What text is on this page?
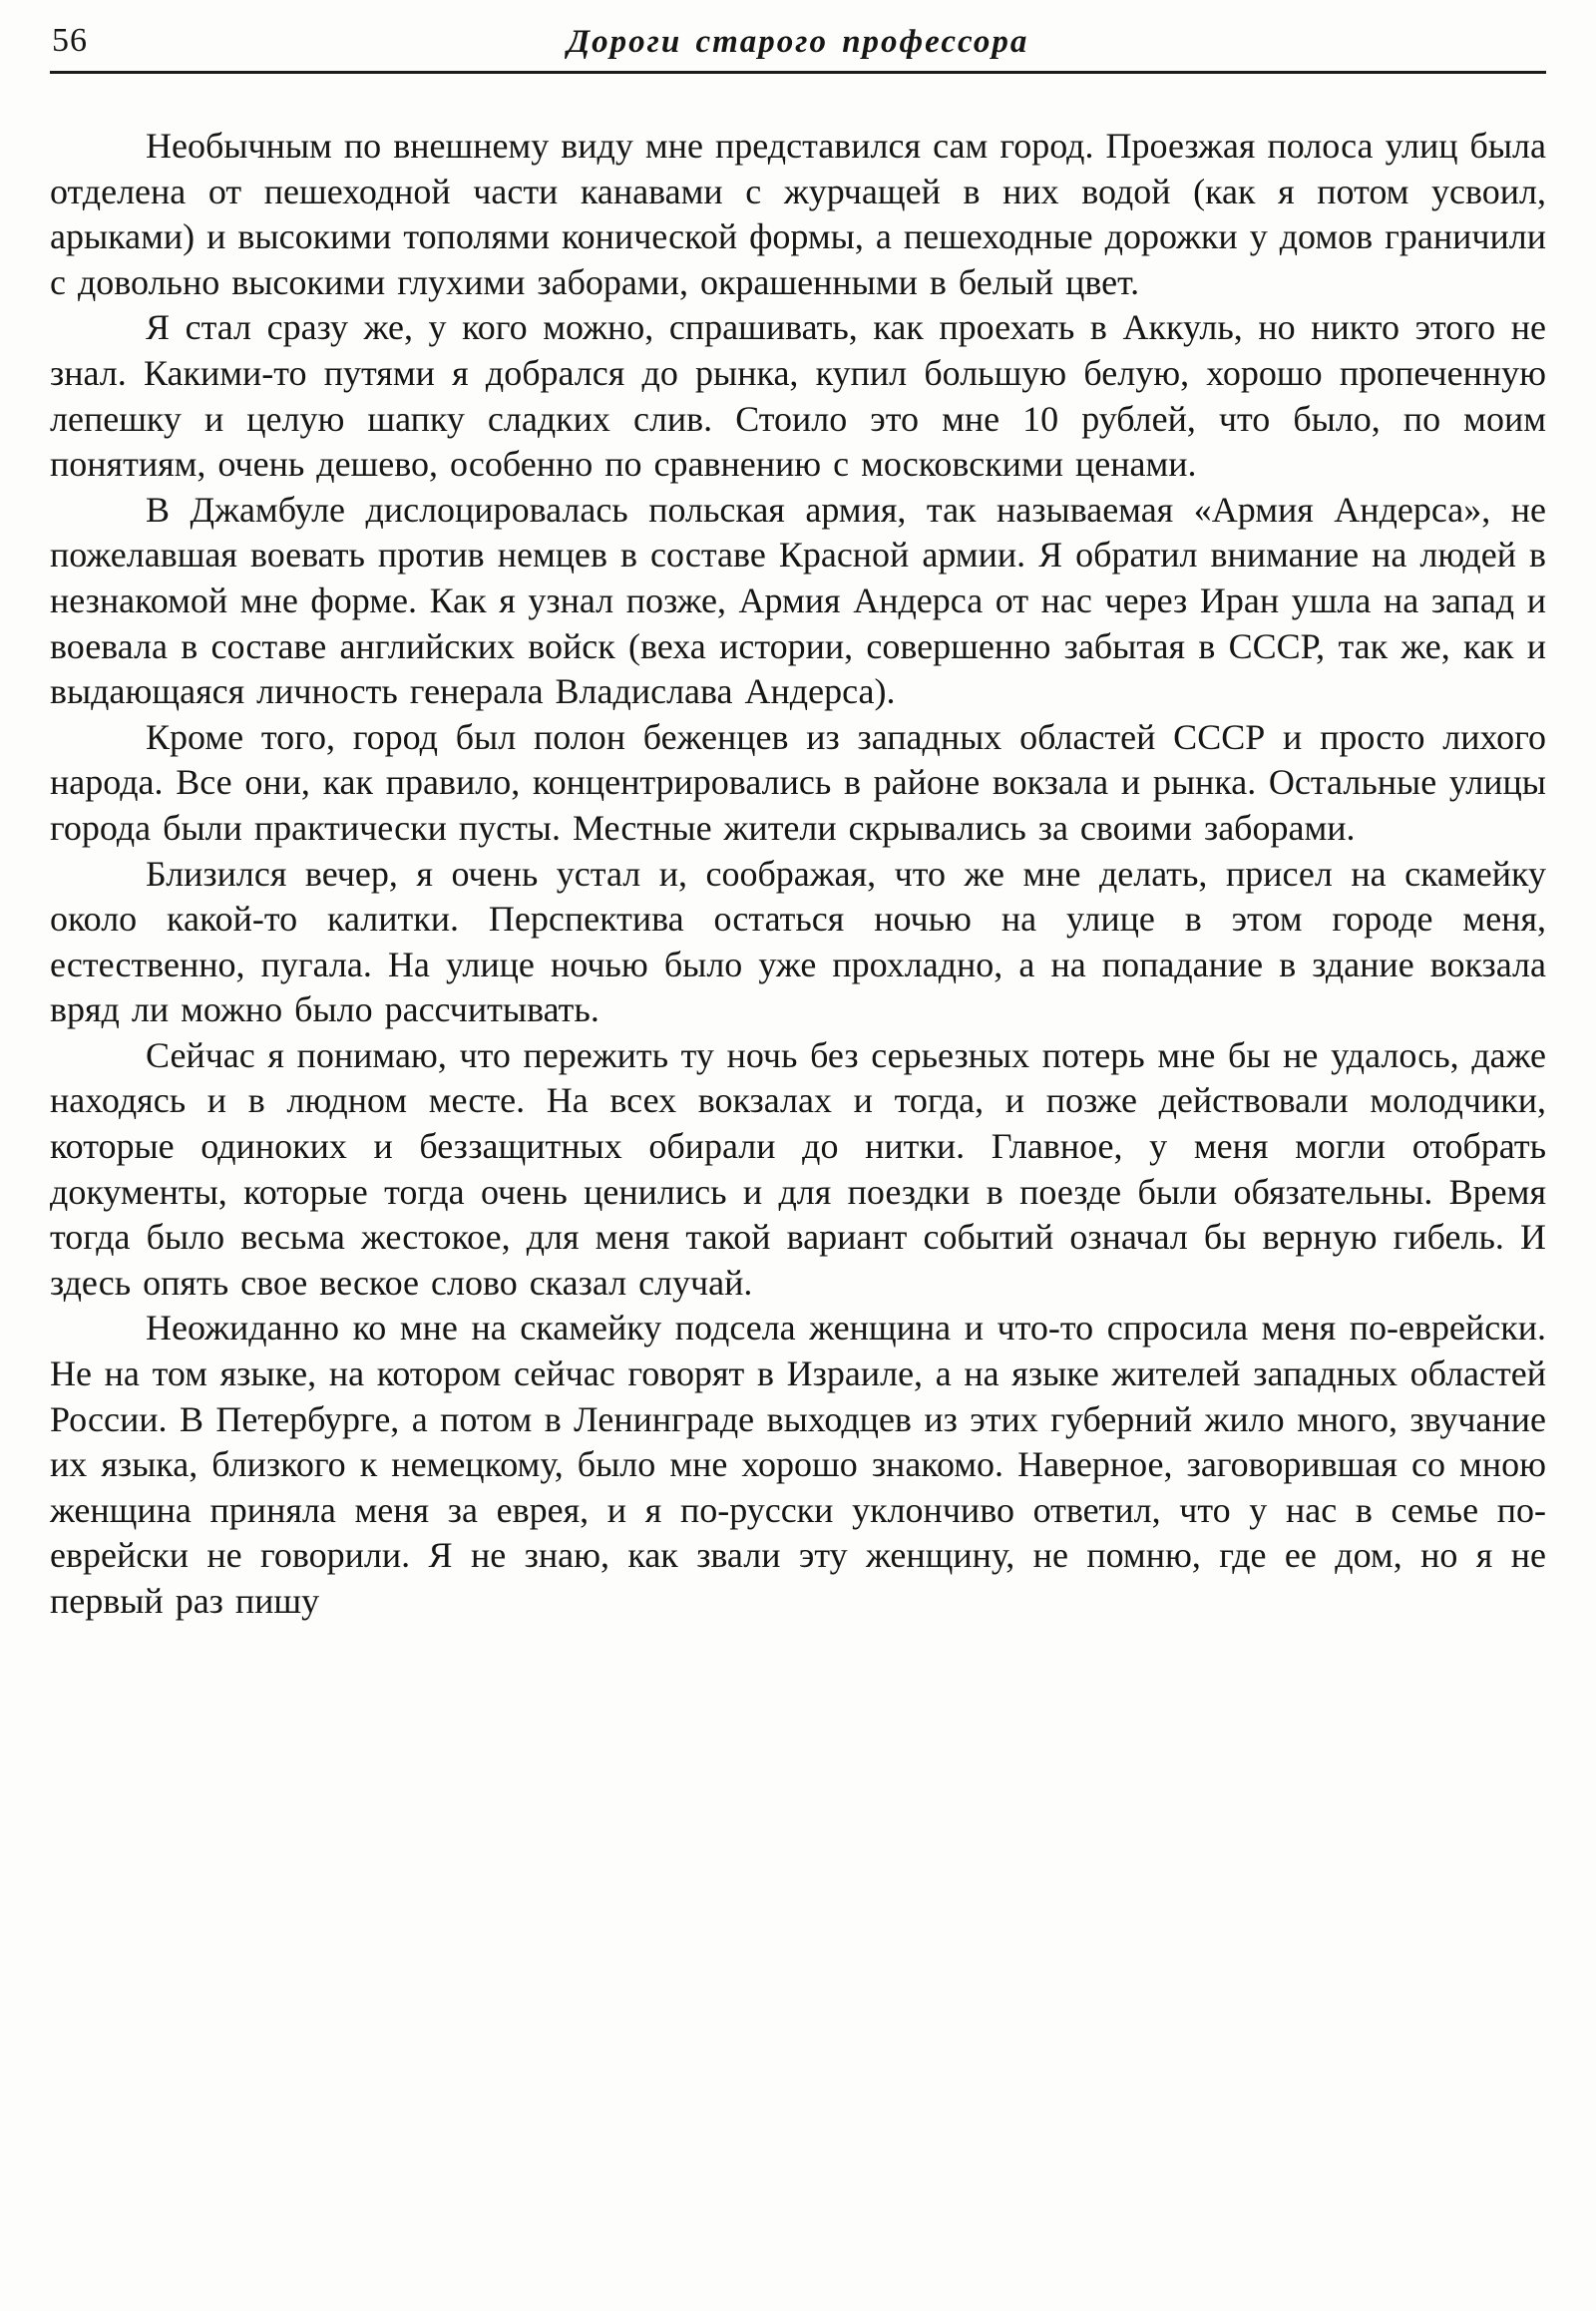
56	Дороги старого профессора

Необычным по внешнему виду мне представился сам город. Проезжая полоса улиц была отделена от пешеходной части канавами с журчащей в них водой (как я потом усвоил, арыками) и высокими тополями конической формы, а пешеходные дорожки у домов граничили с довольно высокими глухими заборами, окрашенными в белый цвет.

Я стал сразу же, у кого можно, спрашивать, как проехать в Аккуль, но никто этого не знал. Какими-то путями я добрался до рынка, купил большую белую, хорошо пропеченную лепешку и целую шапку сладких слив. Стоило это мне 10 рублей, что было, по моим понятиям, очень дешево, особенно по сравнению с московскими ценами.

В Джамбуле дислоцировалась польская армия, так называемая «Армия Андерса», не пожелавшая воевать против немцев в составе Красной армии. Я обратил внимание на людей в незнакомой мне форме. Как я узнал позже, Армия Андерса от нас через Иран ушла на запад и воевала в составе английских войск (веха истории, совершенно забытая в СССР, так же, как и выдающаяся личность генерала Владислава Андерса).

Кроме того, город был полон беженцев из западных областей СССР и просто лихого народа. Все они, как правило, концентрировались в районе вокзала и рынка. Остальные улицы города были практически пусты. Местные жители скрывались за своими заборами.

Близился вечер, я очень устал и, соображая, что же мне делать, присел на скамейку около какой-то калитки. Перспектива остаться ночью на улице в этом городе меня, естественно, пугала. На улице ночью было уже прохладно, а на попадание в здание вокзала вряд ли можно было рассчитывать.

Сейчас я понимаю, что пережить ту ночь без серьезных потерь мне бы не удалось, даже находясь и в людном месте. На всех вокзалах и тогда, и позже действовали молодчики, которые одиноких и беззащитных обирали до нитки. Главное, у меня могли отобрать документы, которые тогда очень ценились и для поездки в поезде были обязательны. Время тогда было весьма жестокое, для меня такой вариант событий означал бы верную гибель. И здесь опять свое веское слово сказал случай.

Неожиданно ко мне на скамейку подсела женщина и что-то спросила меня по-еврейски. Не на том языке, на котором сейчас говорят в Израиле, а на языке жителей западных областей России. В Петербурге, а потом в Ленинграде выходцев из этих губерний жило много, звучание их языка, близкого к немецкому, было мне хорошо знакомо. Наверное, заговорившая со мною женщина приняла меня за еврея, и я по-русски уклончиво ответил, что у нас в семье по-еврейски не говорили. Я не знаю, как звали эту женщину, не помню, где ее дом, но я не первый раз пишу
